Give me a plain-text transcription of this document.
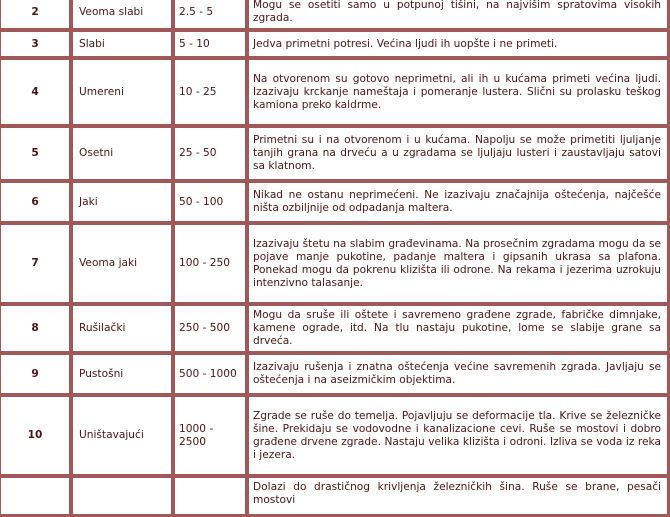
2	Veoma slabi	2.5 - 5	Mogu se osetiti samo u potpunoj tišini, na najvišim spratovima visokih zgrada.
3	Slabi	5 - 10	Jedva primetni potresi. Većina ljudi ih uopšte i ne primeti.
4	Umereni	10 - 25	Na otvorenom su gotovo neprimetni, ali ih u kućama primeti većina ljudi. Izazivaju krckanje nameštaja i pomeranje lustera. Slični su prolasku teškog kamiona preko kaldrme.
5	Osetni	25 - 50	Primetni su i na otvorenom i u kućama. Napolju se može primetiti ljuljanje tanjih grana na drveću a u zgradama se ljuljaju lusteri i zaustavljaju satovi sa klatnom.
6	Jaki	50 - 100	Nikad ne ostanu neprimećeni. Ne izazivaju značajnija oštećenja, najčešće ništa ozbiljnije od odpadanja maltera.
7	Veoma jaki	100 - 250	Izazivaju štetu na slabim građevinama. Na prosečnim zgradama mogu da se pojave manje pukotine, padanje maltera i gipsanih ukrasa sa plafona. Ponekad mogu da pokrenu klizišta ili odrone. Na rekama i jezerima uzrokuju intenzivno talasanje.
8	Rušilački	250 - 500	Mogu da sruše ili oštete i savremeno građene zgrade, fabričke dimnjake, kamene ograde, itd. Na tlu nastaju pukotine, lome se slabije grane sa drveća.
9	Pustošni	500 - 1000	Izazivaju rušenja i znatna oštećenja većine savremenih zgrada. Javljaju se oštećenja i na aseizmičkim objektima.
10	Uništavajući	1000 - 2500	Zgrade se ruše do temelja. Pojavljuju se deformacije tla. Krive se železničke šine. Prekidaju se vodovodne i kanalizacione cevi. Ruše se mostovi i dobro građene drvene zgrade. Nastaju velika klizišta i odroni. Izliva se voda iz reka i jezera.
			Dolazi do drastičnog krivljenja železničkih šina. Ruše se brane, pesači mostovi
